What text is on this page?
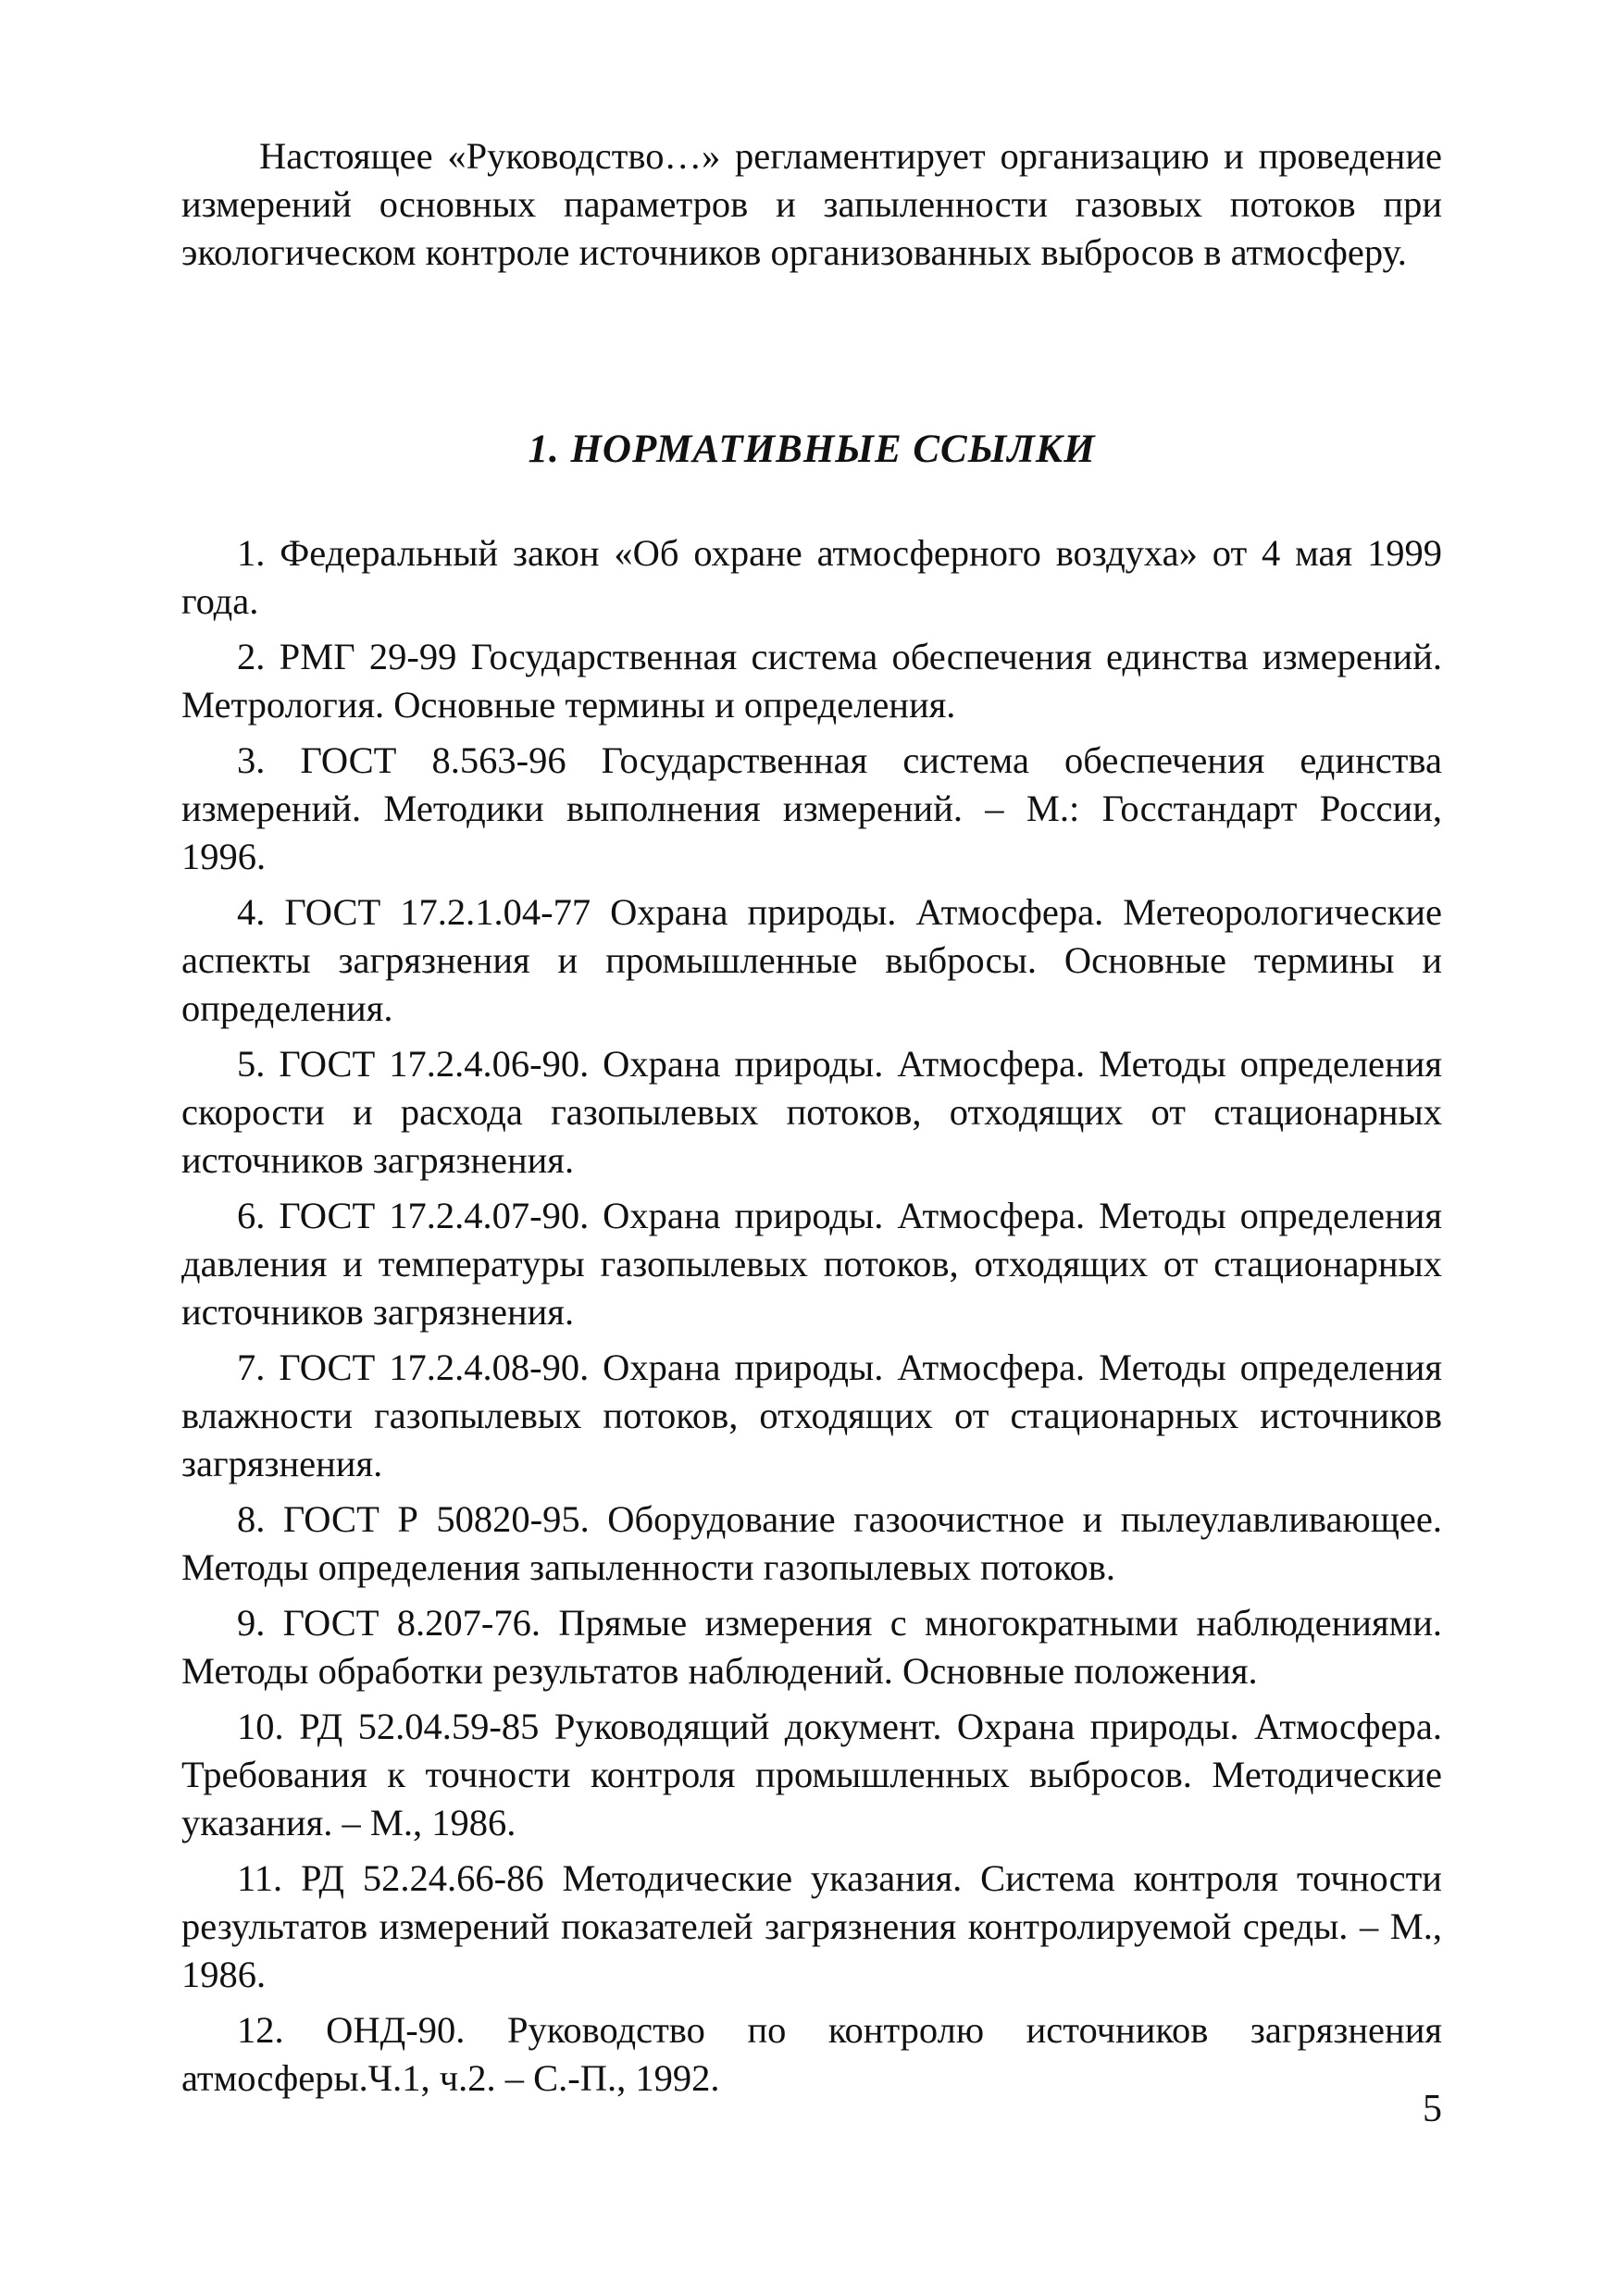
Настоящее «Руководство…» регламентирует организацию и проведение измерений основных параметров и запыленности газовых потоков при экологическом контроле источников организованных выбросов в атмосферу.

1. НОРМАТИВНЫЕ ССЫЛКИ

1. Федеральный закон «Об охране атмосферного воздуха» от 4 мая 1999 года.

2. РМГ 29-99 Государственная система обеспечения единства измерений. Метрология. Основные термины и определения.

3. ГОСТ 8.563-96 Государственная система обеспечения единства измерений. Методики выполнения измерений. – М.: Госстандарт России, 1996.

4. ГОСТ 17.2.1.04-77 Охрана природы. Атмосфера. Метеорологические аспекты загрязнения и промышленные выбросы. Основные термины и определения.

5. ГОСТ 17.2.4.06-90. Охрана природы. Атмосфера. Методы определения скорости и расхода газопылевых потоков, отходящих от стационарных источников загрязнения.

6. ГОСТ 17.2.4.07-90. Охрана природы. Атмосфера. Методы определения давления и температуры газопылевых потоков, отходящих от стационарных источников загрязнения.

7. ГОСТ 17.2.4.08-90. Охрана природы. Атмосфера. Методы определения влажности газопылевых потоков, отходящих от стационарных источников загрязнения.

8. ГОСТ Р 50820-95. Оборудование газоочистное и пылеулавливающее. Методы определения запыленности газопылевых потоков.

9. ГОСТ 8.207-76. Прямые измерения с многократными наблюдениями. Методы обработки результатов наблюдений. Основные положения.

10. РД 52.04.59-85 Руководящий документ. Охрана природы. Атмосфера. Требования к точности контроля промышленных выбросов. Методические указания. – М., 1986.

11. РД 52.24.66-86 Методические указания. Система контроля точности результатов измерений показателей загрязнения контролируемой среды. – М., 1986.

12. ОНД-90. Руководство по контролю источников загрязнения атмосферы.Ч.1, ч.2. – С.-П., 1992.

5
